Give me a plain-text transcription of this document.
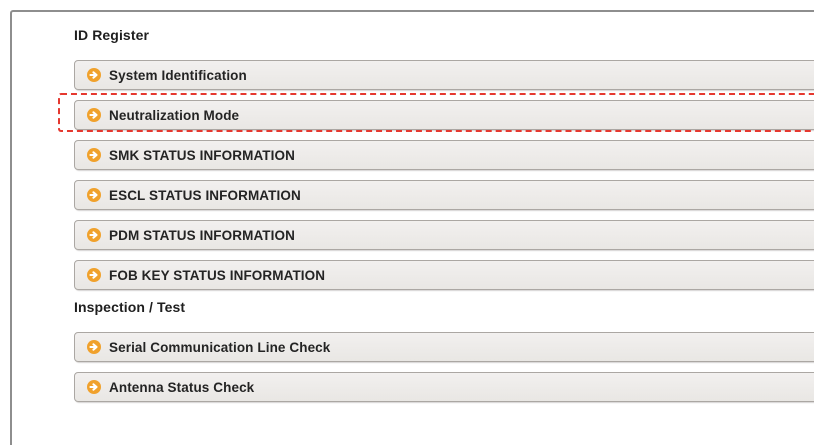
ID Register
System Identification
Neutralization Mode
SMK STATUS INFORMATION
ESCL STATUS INFORMATION
PDM STATUS INFORMATION
FOB KEY STATUS INFORMATION
Inspection / Test
Serial Communication Line Check
Antenna Status Check
